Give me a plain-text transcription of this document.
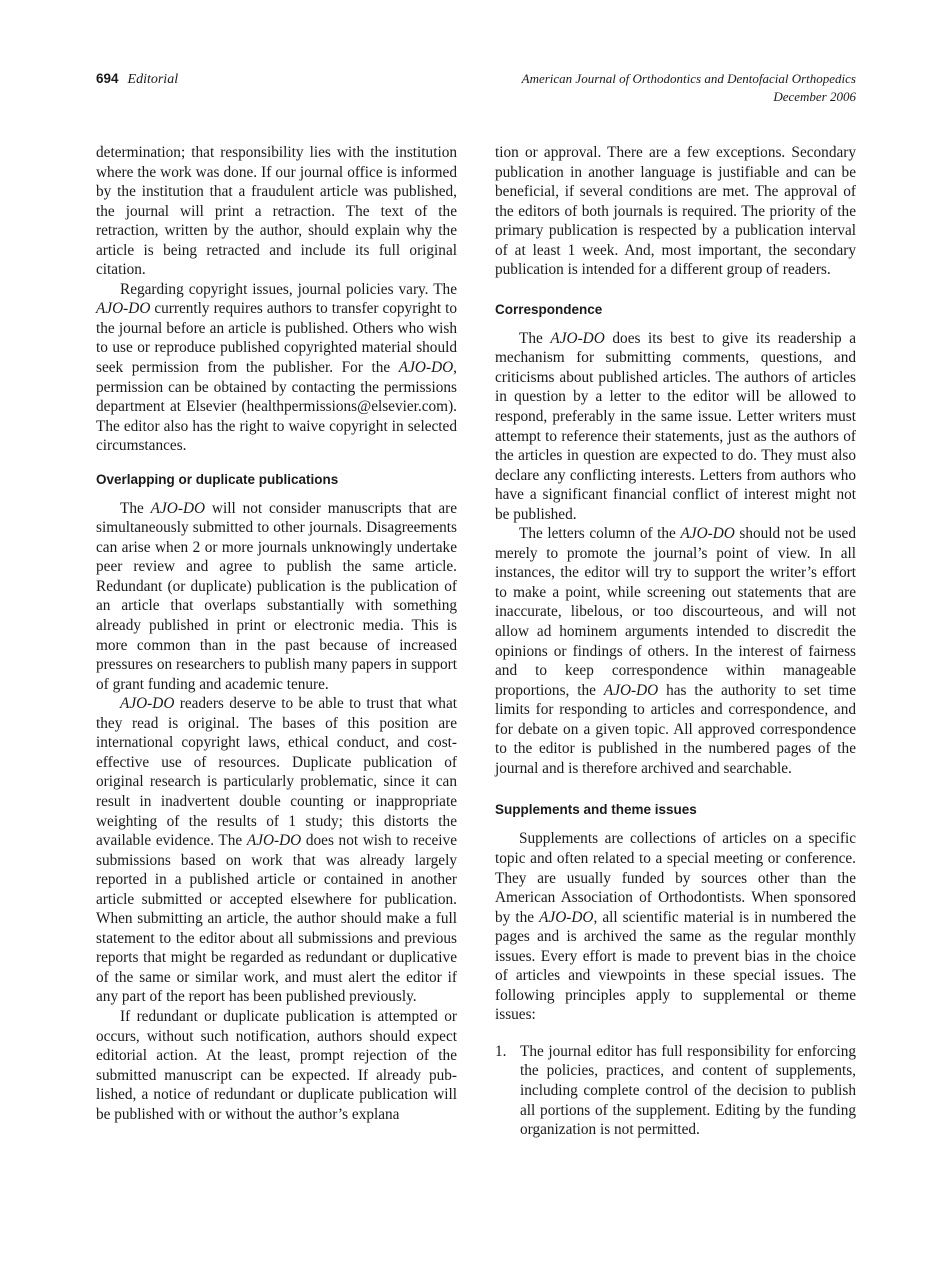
694 Editorial	American Journal of Orthodontics and Dentofacial Orthopedics
December 2006

determination; that responsibility lies with the institution where the work was done. If our journal office is informed by the institution that a fraudulent article was published, the journal will print a retraction. The text of the retraction, written by the author, should explain why the article is being retracted and include its full original citation.

Regarding copyright issues, journal policies vary. The AJO-DO currently requires authors to transfer copyright to the journal before an article is published. Others who wish to use or reproduce published copyrighted material should seek permission from the publisher. For the AJO-DO, permission can be obtained by contacting the permissions department at Elsevier (healthpermissions@elsevier.com). The editor also has the right to waive copyright in selected circumstances.

Overlapping or duplicate publications

The AJO-DO will not consider manuscripts that are simultaneously submitted to other journals. Disagreements can arise when 2 or more journals unknowingly undertake peer review and agree to publish the same article. Redundant (or duplicate) publication is the publication of an article that overlaps substantially with something already published in print or electronic media. This is more common than in the past because of increased pressures on researchers to publish many papers in support of grant funding and academic tenure.

AJO-DO readers deserve to be able to trust that what they read is original. The bases of this position are international copyright laws, ethical conduct, and cost-effective use of resources. Duplicate publication of original research is particularly problematic, since it can result in inadvertent double counting or inappropriate weighting of the results of 1 study; this distorts the available evidence. The AJO-DO does not wish to receive submissions based on work that was already largely reported in a published article or contained in another article submitted or accepted elsewhere for publication. When submitting an article, the author should make a full statement to the editor about all submissions and previous reports that might be regarded as redundant or duplicative of the same or similar work, and must alert the editor if any part of the report has been published previously.

If redundant or duplicate publication is attempted or occurs, without such notification, authors should expect editorial action. At the least, prompt rejection of the submitted manuscript can be expected. If already published, a notice of redundant or duplicate publication will be published with or without the author’s explana

tion or approval. There are a few exceptions. Secondary publication in another language is justifiable and can be beneficial, if several conditions are met. The approval of the editors of both journals is required. The priority of the primary publication is respected by a publication interval of at least 1 week. And, most important, the secondary publication is intended for a different group of readers.

Correspondence

The AJO-DO does its best to give its readership a mechanism for submitting comments, questions, and criticisms about published articles. The authors of articles in question by a letter to the editor will be allowed to respond, preferably in the same issue. Letter writers must attempt to reference their statements, just as the authors of the articles in question are expected to do. They must also declare any conflicting interests. Letters from authors who have a significant financial conflict of interest might not be published.

The letters column of the AJO-DO should not be used merely to promote the journal’s point of view. In all instances, the editor will try to support the writer’s effort to make a point, while screening out statements that are inaccurate, libelous, or too discourteous, and will not allow ad hominem arguments intended to discredit the opinions or findings of others. In the interest of fairness and to keep correspondence within manageable proportions, the AJO-DO has the authority to set time limits for responding to articles and correspondence, and for debate on a given topic. All approved correspondence to the editor is published in the numbered pages of the journal and is therefore archived and searchable.

Supplements and theme issues

Supplements are collections of articles on a specific topic and often related to a special meeting or conference. They are usually funded by sources other than the American Association of Orthodontists. When sponsored by the AJO-DO, all scientific material is in numbered the pages and is archived the same as the regular monthly issues. Every effort is made to prevent bias in the choice of articles and viewpoints in these special issues. The following principles apply to supplemental or theme issues:

1. The journal editor has full responsibility for enforcing the policies, practices, and content of supplements, including complete control of the decision to publish all portions of the supplement. Editing by the funding organization is not permitted.
